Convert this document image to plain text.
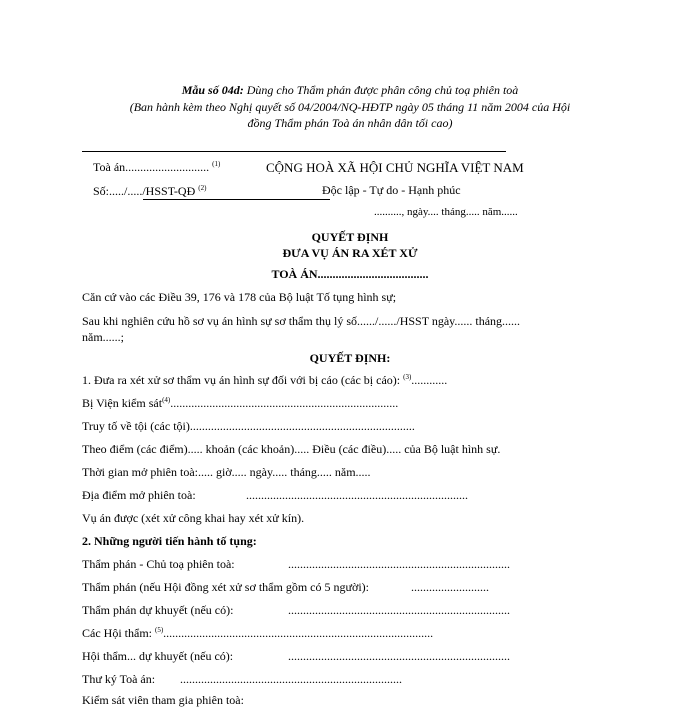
Mẫu số 04d: Dùng cho Thẩm phán được phân công chủ toạ phiên toà
(Ban hành kèm theo Nghị quyết số 04/2004/NQ-HĐTP ngày 05 tháng 11 năm 2004 của Hội
đồng Thẩm phán Toà án nhân dân tối cao)
Toà án............................ $^{(1)}$
Số:...../...../HSST-QĐ $^{(2)}$
CỘNG HOÀ XÃ HỘI CHỦ NGHĨA VIỆT NAM
Độc lập - Tự do - Hạnh phúc
.........., ngày.... tháng..... năm......
QUYẾT ĐỊNH
ĐƯA VỤ ÁN RA XÉT XỬ
TOÀ ÁN.....................................
Căn cứ vào các Điều 39, 176 và 178 của Bộ luật Tố tụng hình sự;
Sau khi nghiên cứu hồ sơ vụ án hình sự sơ thẩm thụ lý số....../....../HSST ngày...... tháng......
năm......;
QUYẾT ĐỊNH:
1. Đưa ra xét xử sơ thẩm vụ án hình sự đối với bị cáo (các bị cáo): $^{(3)}$............
Bị Viện kiểm sát$^{(4)}$............................................................................
Truy tố về tội (các tội)...........................................................................
Theo điểm (các điểm)..... khoản (các khoản)..... Điều (các điều)..... của Bộ luật hình sự.
Thời gian mở phiên toà:..... giờ..... ngày..... tháng..... năm.....
Địa điểm mở phiên toà:	..........................................................................
Vụ án được (xét xử công khai hay xét xử kín).
2. Những người tiến hành tố tụng:
Thẩm phán - Chủ toạ phiên toà:	..........................................................................
Thẩm phán (nếu Hội đồng xét xử sơ thẩm gồm có 5 người):	..........................
Thẩm phán dự khuyết (nếu có):	..........................................................................
Các Hội thẩm: $^{(5)}$..........................................................................................
Hội thẩm... dự khuyết (nếu có):	..........................................................................
Thư ký Toà án: ..........................................................................
Kiểm sát viên tham gia phiên toà:
